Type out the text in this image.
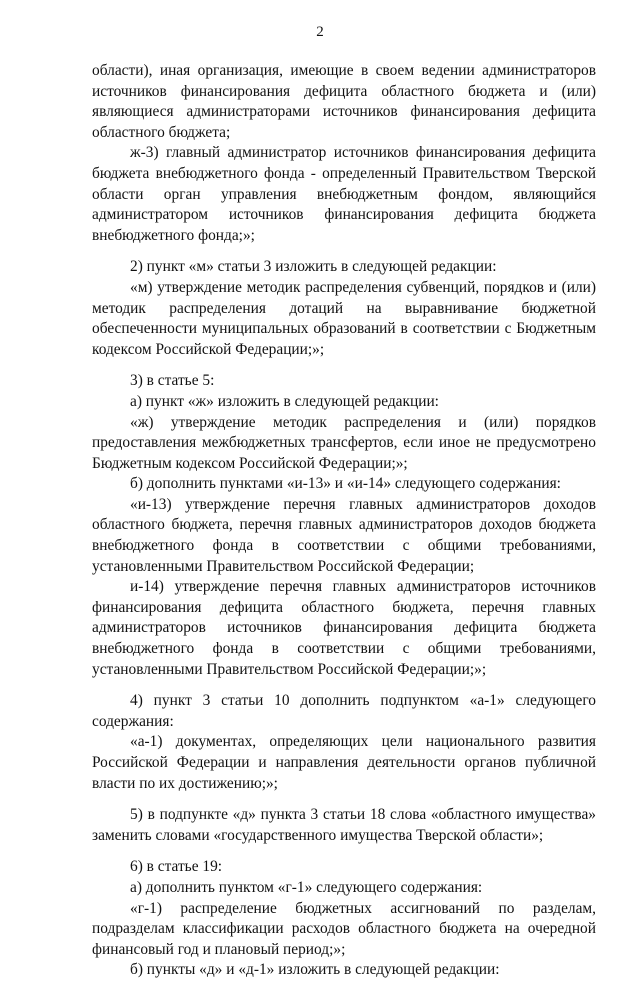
2

области), иная организация, имеющие в своем ведении администраторов источников финансирования дефицита областного бюджета и (или) являющиеся администраторами источников финансирования дефицита областного бюджета;

ж-3) главный администратор источников финансирования дефицита бюджета внебюджетного фонда - определенный Правительством Тверской области орган управления внебюджетным фондом, являющийся администратором источников финансирования дефицита бюджета внебюджетного фонда;»;

2) пункт «м» статьи 3 изложить в следующей редакции:

«м) утверждение методик распределения субвенций, порядков и (или) методик распределения дотаций на выравнивание бюджетной обеспеченности муниципальных образований в соответствии с Бюджетным кодексом Российской Федерации;»;

3) в статье 5:

а) пункт «ж» изложить в следующей редакции:

«ж) утверждение методик распределения и (или) порядков предоставления межбюджетных трансфертов, если иное не предусмотрено Бюджетным кодексом Российской Федерации;»;

б) дополнить пунктами «и-13» и «и-14» следующего содержания:

«и-13) утверждение перечня главных администраторов доходов областного бюджета, перечня главных администраторов доходов бюджета внебюджетного фонда в соответствии с общими требованиями, установленными Правительством Российской Федерации;

и-14) утверждение перечня главных администраторов источников финансирования дефицита областного бюджета, перечня главных администраторов источников финансирования дефицита бюджета внебюджетного фонда в соответствии с общими требованиями, установленными Правительством Российской Федерации;»;

4) пункт 3 статьи 10 дополнить подпунктом «а-1» следующего содержания:

«а-1) документах, определяющих цели национального развития Российской Федерации и направления деятельности органов публичной власти по их достижению;»;

5) в подпункте «д» пункта 3 статьи 18 слова «областного имущества» заменить словами «государственного имущества Тверской области»;

6) в статье 19:

а) дополнить пунктом «г-1» следующего содержания:

«г-1) распределение бюджетных ассигнований по разделам, подразделам классификации расходов областного бюджета на очередной финансовый год и плановый период;»;

б) пункты «д» и «д-1» изложить в следующей редакции:
